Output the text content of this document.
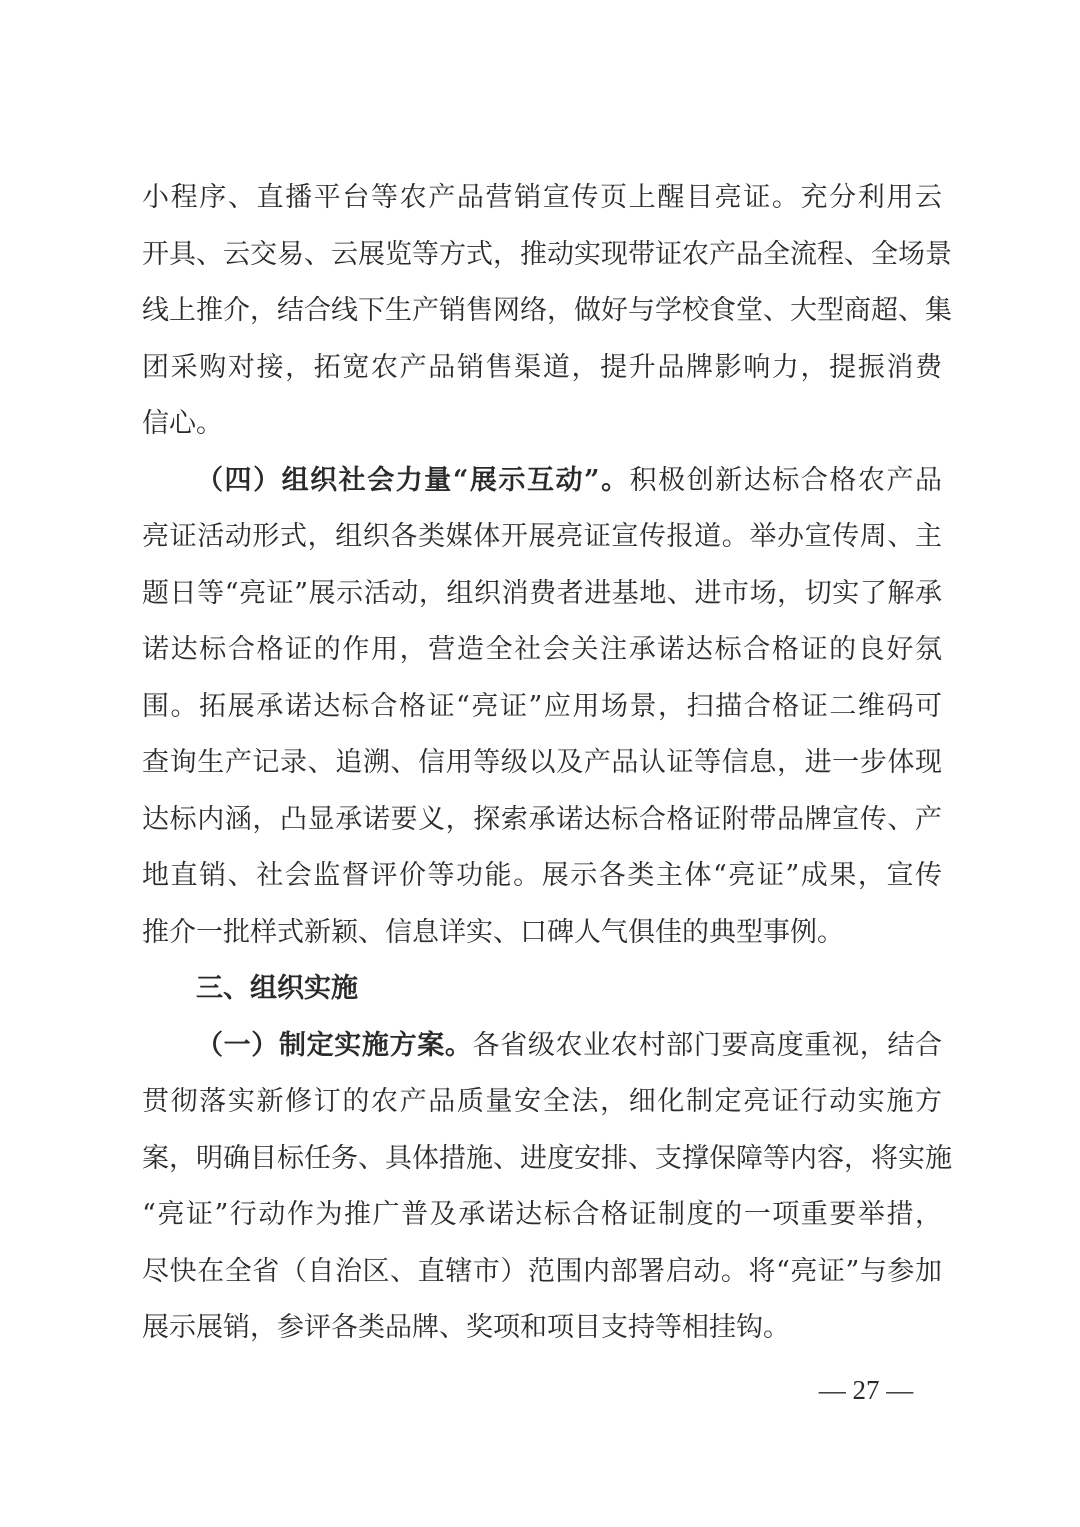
小程序、直播平台等农产品营销宣传页上醒目亮证。充分利用云
开具、云交易、云展览等方式，推动实现带证农产品全流程、全场景
线上推介，结合线下生产销售网络，做好与学校食堂、大型商超、集
团采购对接，拓宽农产品销售渠道，提升品牌影响力，提振消费
信心。
（四）组织社会力量“展示互动”。积极创新达标合格农产品
亮证活动形式，组织各类媒体开展亮证宣传报道。举办宣传周、主
题日等“亮证”展示活动，组织消费者进基地、进市场，切实了解承
诺达标合格证的作用，营造全社会关注承诺达标合格证的良好氛
围。拓展承诺达标合格证“亮证”应用场景，扫描合格证二维码可
查询生产记录、追溯、信用等级以及产品认证等信息，进一步体现
达标内涵，凸显承诺要义，探索承诺达标合格证附带品牌宣传、产
地直销、社会监督评价等功能。展示各类主体“亮证”成果，宣传
推介一批样式新颖、信息详实、口碑人气俱佳的典型事例。
三、组织实施
（一）制定实施方案。各省级农业农村部门要高度重视，结合
贯彻落实新修订的农产品质量安全法，细化制定亮证行动实施方
案，明确目标任务、具体措施、进度安排、支撑保障等内容，将实施
“亮证”行动作为推广普及承诺达标合格证制度的一项重要举措，
尽快在全省（自治区、直辖市）范围内部署启动。将“亮证”与参加
展示展销，参评各类品牌、奖项和项目支持等相挂钩。
— 27 —
